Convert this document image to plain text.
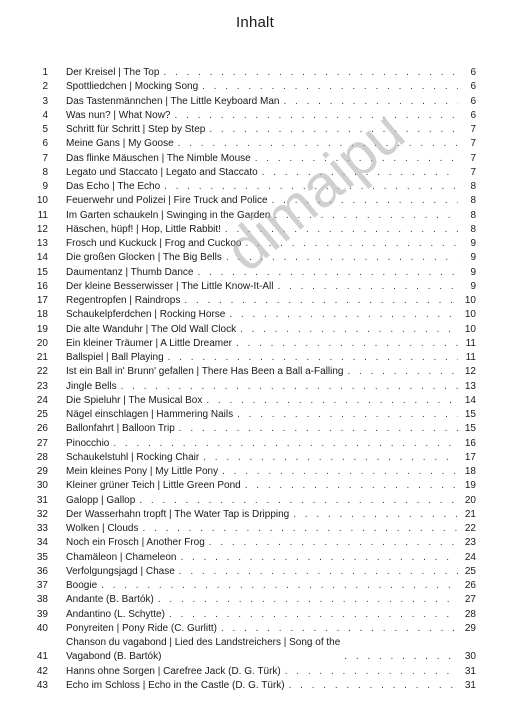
Inhalt
1 Der Kreisel | The Top . . .	6
2 Spottliedchen | Mocking Song . . .	6
3 Das Tastenmännchen | The Little Keyboard Man . . .	6
4 Was nun? | What Now? . . .	6
5 Schritt für Schritt | Step by Step . . .	7
6 Meine Gans | My Goose . . .	7
7 Das flinke Mäuschen | The Nimble Mouse . . .	7
8 Legato und Staccato | Legato and Staccato . . .	7
9 Das Echo | The Echo . . .	8
10 Feuerwehr und Polizei | Fire Truck and Police . . .	8
11 Im Garten schaukeln | Swinging in the Garden . . .	8
12 Häschen, hüpf! | Hop, Little Rabbit! . . .	8
13 Frosch und Kuckuck | Frog and Cuckoo . . .	9
14 Die großen Glocken | The Big Bells . . .	9
15 Daumentanz | Thumb Dance . . .	9
16 Der kleine Besserwisser | The Little Know-It-All . . .	9
17 Regentropfen | Raindrops . . .	10
18 Schaukelpferdchen | Rocking Horse . . .	10
19 Die alte Wanduhr | The Old Wall Clock . . .	10
20 Ein kleiner Träumer | A Little Dreamer . . .	11
21 Ballspiel | Ball Playing . . .	11
22 Ist ein Ball in' Brunn' gefallen | There Has Been a Ball a-Falling . . .	12
23 Jingle Bells . . .	13
24 Die Spieluhr | The Musical Box . . .	14
25 Nägel einschlagen | Hammering Nails . . .	15
26 Ballonfahrt | Balloon Trip . . .	15
27 Pinocchio . . .	16
28 Schaukelstuhl | Rocking Chair . . .	17
29 Mein kleines Pony | My Little Pony . . .	18
30 Kleiner grüner Teich | Little Green Pond . . .	19
31 Galopp | Gallop . . .	20
32 Der Wasserhahn tropft | The Water Tap is Dripping . . .	21
33 Wolken | Clouds . . .	22
34 Noch ein Frosch | Another Frog . . .	23
35 Chamäleon | Chameleon . . .	24
36 Verfolgungsjagd | Chase . . .	25
37 Boogie . . .	26
38 Andante (B. Bartók) . . .	27
39 Andantino (L. Schytte) . . .	28
40 Ponyreiten | Pony Ride (C. Gurlitt) . . .	29
41
Chanson du vagabond | Lied des Landstreichers | Song of the
Vagabond (B. Bartók) . . .	30
42 Hanns ohne Sorgen | Carefree Jack (D. G. Türk) . . .	31
43 Echo im Schloss | Echo in the Castle (D. G. Türk) . . .	31
dimaipu
